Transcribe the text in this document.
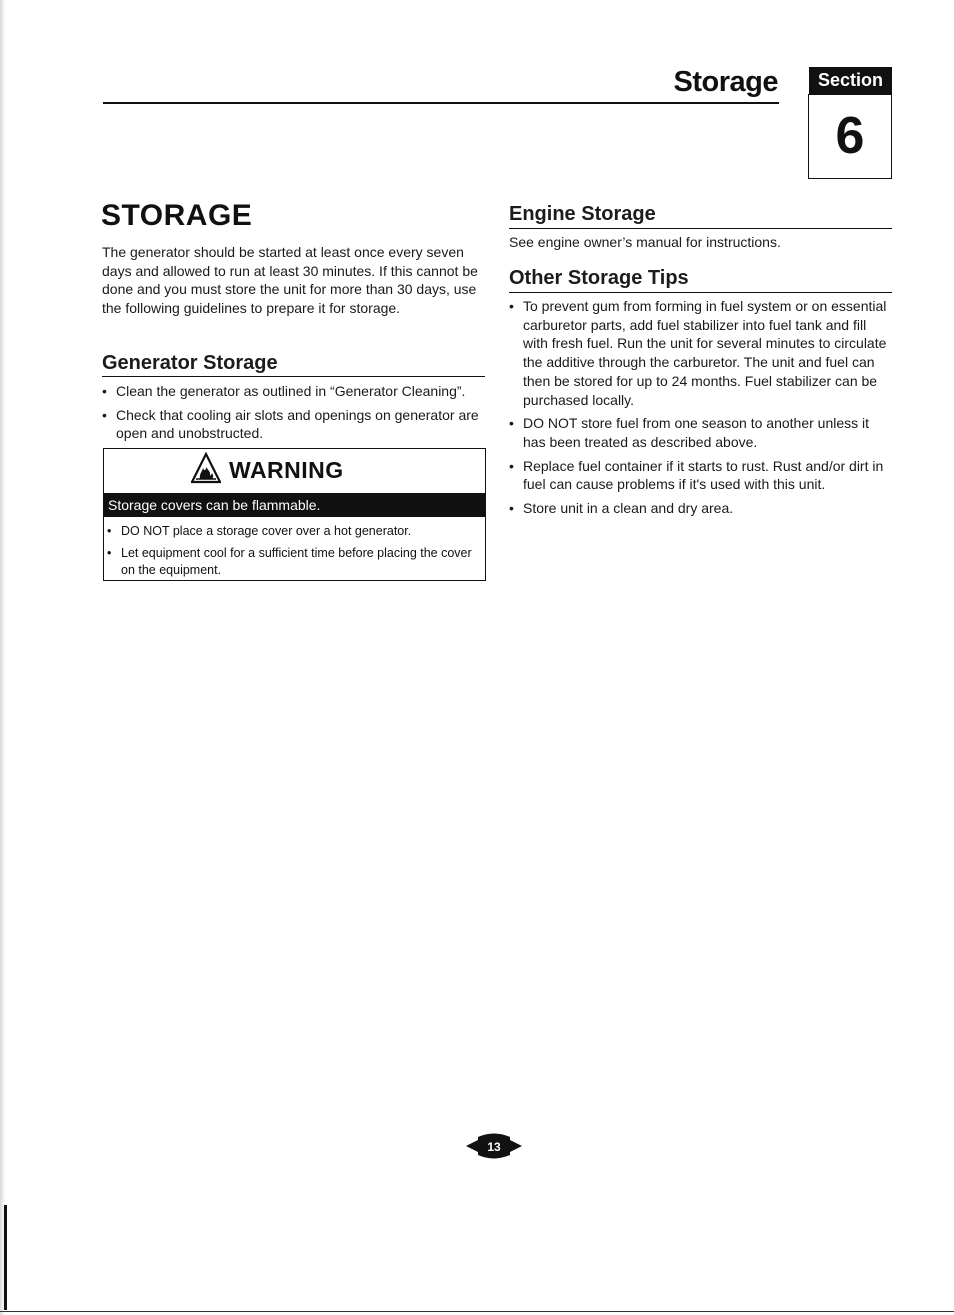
Storage	Section
6
STORAGE
The generator should be started at least once every seven days and allowed to run at least 30 minutes. If this cannot be done and you must store the unit for more than 30 days, use the following guidelines to prepare it for storage.
Generator Storage
• Clean the generator as outlined in “Generator Cleaning”.
• Check that cooling air slots and openings on generator are open and unobstructed.
WARNING
Storage covers can be flammable.
• DO NOT place a storage cover over a hot generator.
• Let equipment cool for a sufficient time before placing the cover on the equipment.
Engine Storage
See engine owner’s manual for instructions.
Other Storage Tips
• To prevent gum from forming in fuel system or on essential carburetor parts, add fuel stabilizer into fuel tank and fill with fresh fuel. Run the unit for several minutes to circulate the additive through the carburetor. The unit and fuel can then be stored for up to 24 months. Fuel stabilizer can be purchased locally.
• DO NOT store fuel from one season to another unless it has been treated as described above.
• Replace fuel container if it starts to rust. Rust and/or dirt in fuel can cause problems if it's used with this unit.
• Store unit in a clean and dry area.
13
